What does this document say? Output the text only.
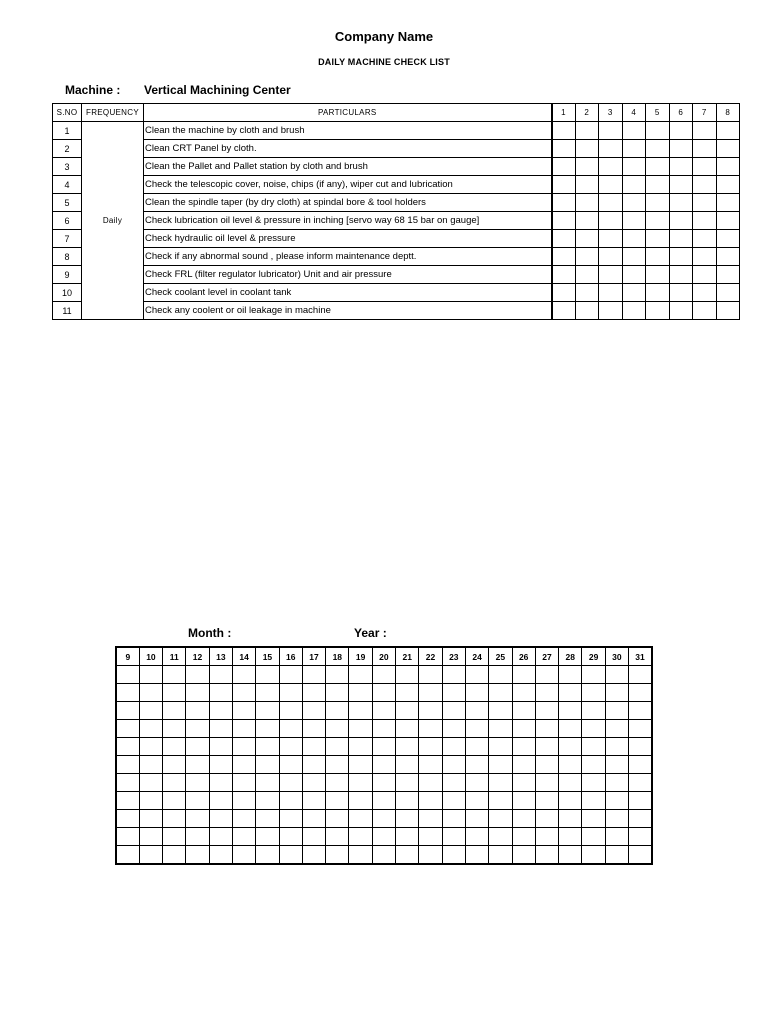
Company Name
DAILY MACHINE CHECK LIST
Machine : Vertical Machining Center
S.NO	FREQUENCY	PARTICULARS	1	2	3	4	5	6	7	8
1	Daily	Clean the machine by cloth and brush								
2		Clean CRT Panel by cloth.								
3		Clean the Pallet and Pallet station by cloth and brush								
4		Check the telescopic cover, noise, chips (if any), wiper cut and lubrication								
5		Clean the spindle taper (by dry cloth) at spindal bore & tool holders								
6		Check lubrication oil level & pressure in inching [servo way 68 15 bar on gauge]								
7		Check hydraulic oil level & pressure								
8		Check if any abnormal sound , please inform maintenance deptt.								
9		Check FRL (filter regulator lubricator) Unit and air pressure								
10		Check coolant level in coolant tank								
11		Check any coolent or oil leakage in machine								
Month :	Year :
9	10	11	12	13	14	15	16	17	18	19	20	21	22	23	24	25	26	27	28	29	30	31
